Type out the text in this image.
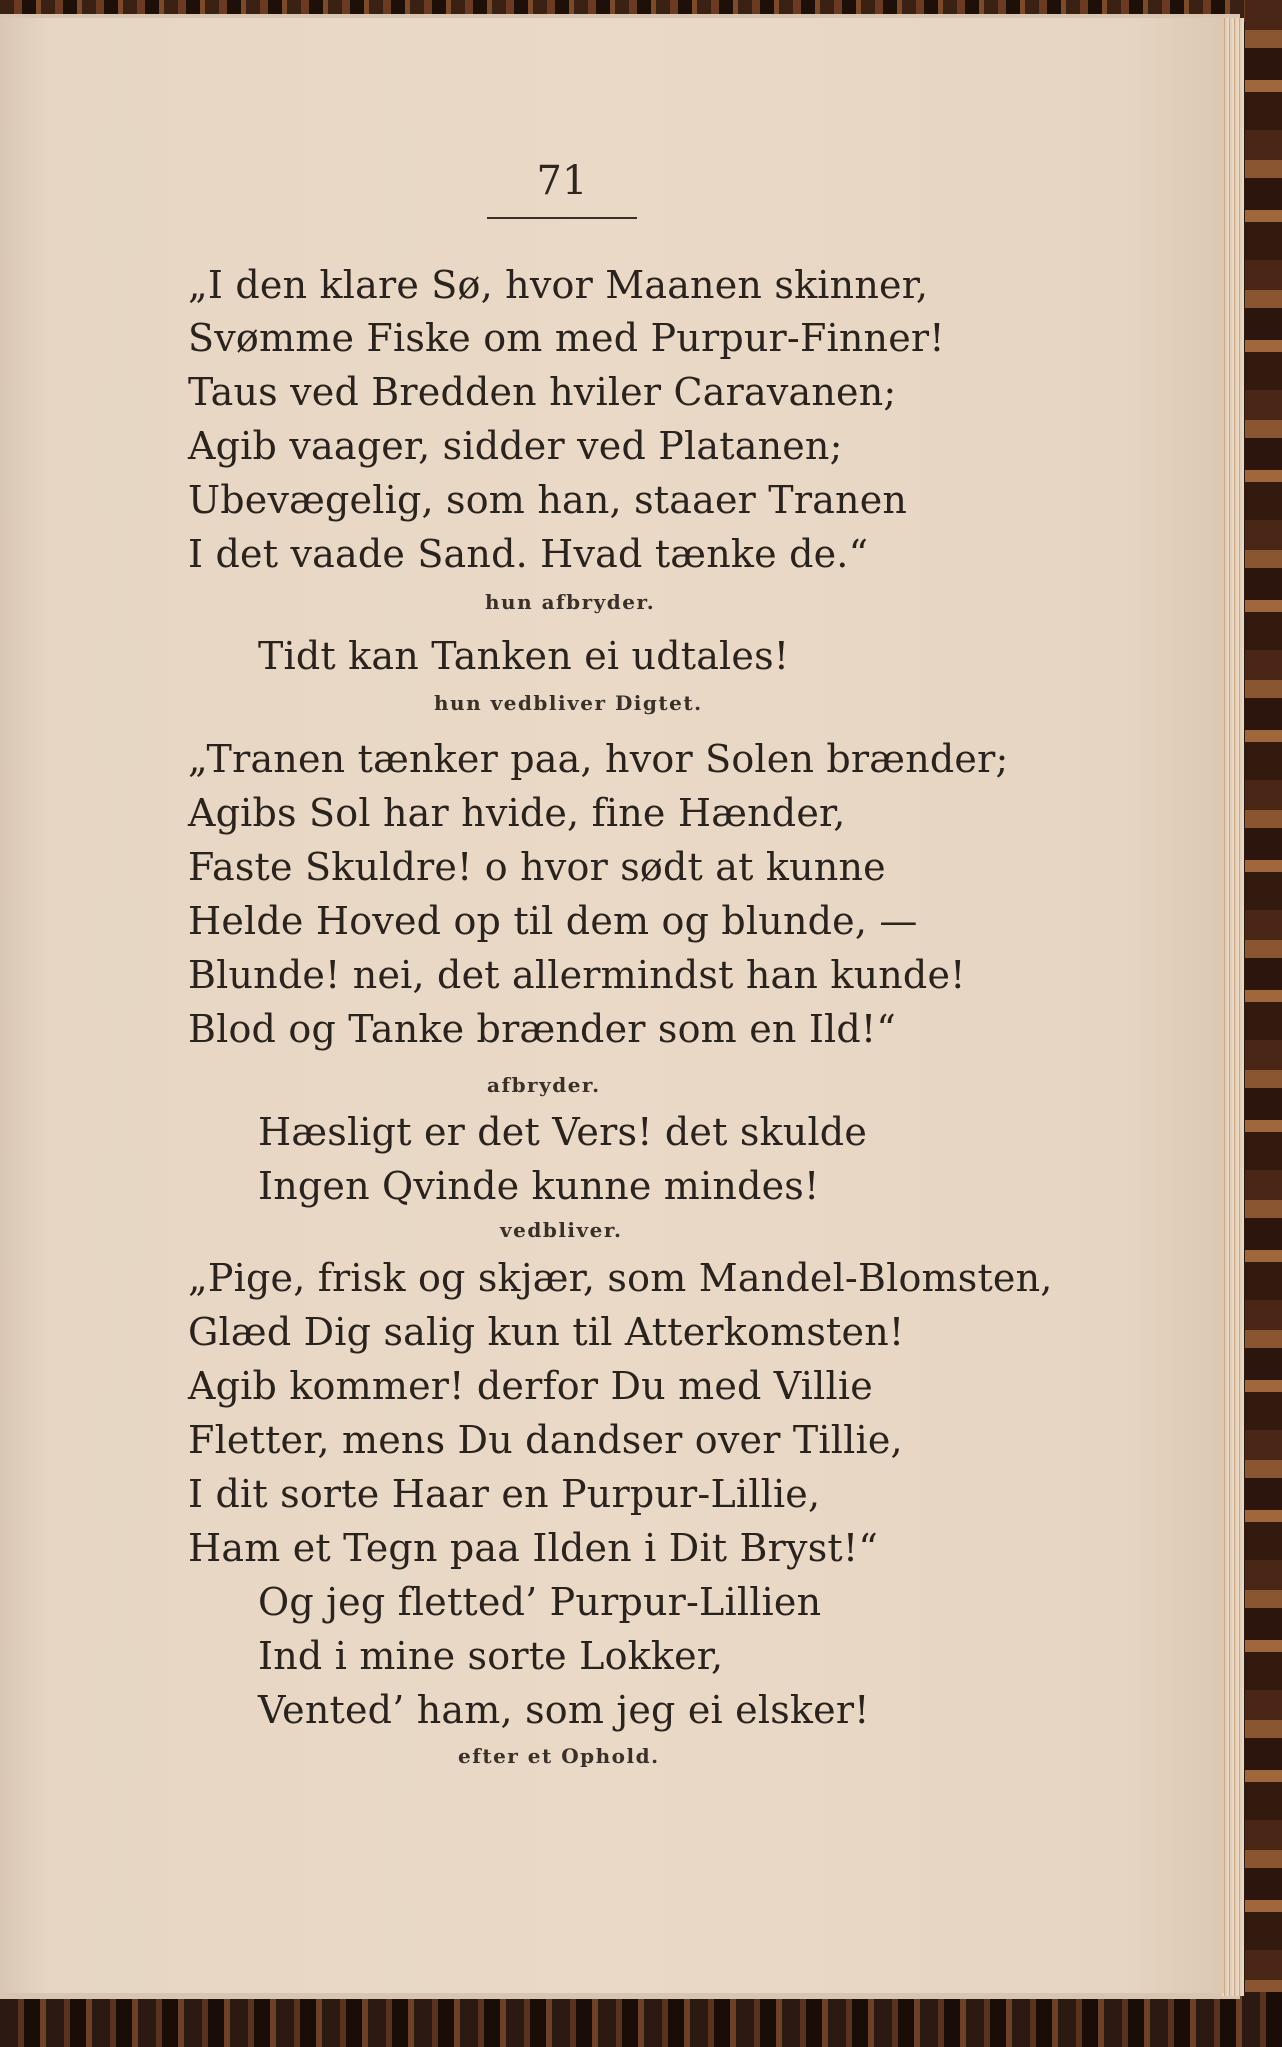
71
„I den klare Sø, hvor Maanen skinner,
Svømme Fiske om med Purpur-Finner!
Taus ved Bredden hviler Caravanen;
Agib vaager, sidder ved Platanen;
Ubevægelig, som han, staaer Tranen
I det vaade Sand. Hvad tænke de.“
hun afbryder.
Tidt kan Tanken ei udtales!
hun vedbliver Digtet.
„Tranen tænker paa, hvor Solen brænder;
Agibs Sol har hvide, fine Hænder,
Faste Skuldre! o hvor sødt at kunne
Helde Hoved op til dem og blunde, —
Blunde! nei, det allermindst han kunde!
Blod og Tanke brænder som en Ild!“
afbryder.
Hæsligt er det Vers! det skulde
Ingen Qvinde kunne mindes!
vedbliver.
„Pige, frisk og skjær, som Mandel-Blomsten,
Glæd Dig salig kun til Atterkomsten!
Agib kommer! derfor Du med Villie
Fletter, mens Du dandser over Tillie,
I dit sorte Haar en Purpur-Lillie,
Ham et Tegn paa Ilden i Dit Bryst!“
Og jeg fletted’ Purpur-Lillien
Ind i mine sorte Lokker,
Vented’ ham, som jeg ei elsker!
efter et Ophold.
